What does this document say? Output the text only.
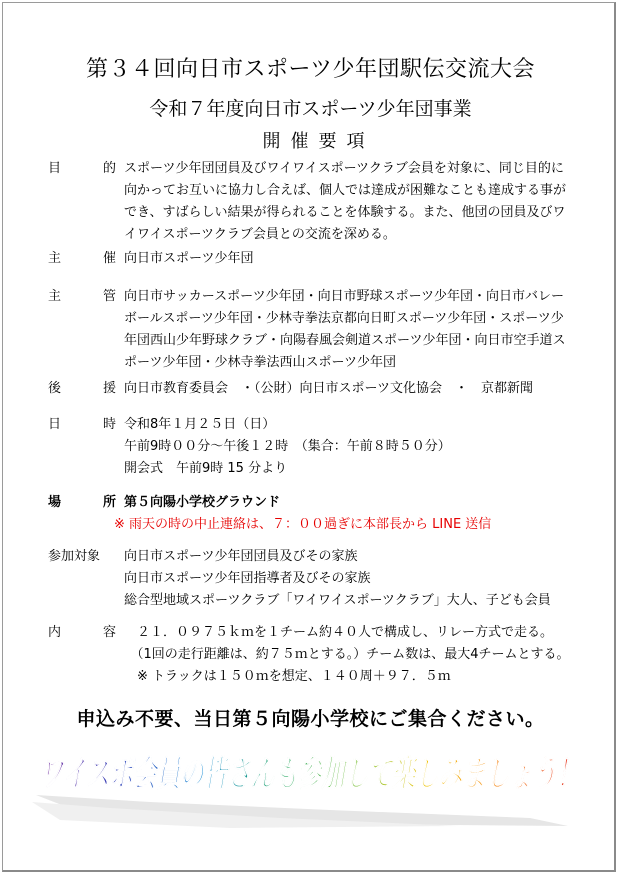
第３４回向日市スポーツ少年団駅伝交流大会
令和７年度向日市スポーツ少年団事業
開催要項
目	的 スポーツ少年団団員及びワイワイスポーツクラブ会員を対象に、同じ目的に
向かってお互いに協力し合えば、個人では達成が困難なことも達成する事が
でき、すばらしい結果が得られることを体験する。また、他団の団員及びワ
イワイスポーツクラブ会員との交流を深める。
主	催 向日市スポーツ少年団
主	管 向日市サッカースポーツ少年団・向日市野球スポーツ少年団・向日市バレー
ボールスポーツ少年団・少林寺拳法京都向日町スポーツ少年団・スポーツ少
年団西山少年野球クラブ・向陽春風会剣道スポーツ少年団・向日市空手道ス
ポーツ少年団・少林寺拳法西山スポーツ少年団
後	援 向日市教育委員会　・（公財）向日市スポーツ文化協会　・　京都新聞
日	時 令和8年１月２５日（日）
午前9時００分～午後１２時　（集合：午前８時５０分）
開会式　午前9時 15 分より
場	所 第５向陽小学校グラウンド
※ 雨天の時の中止連絡は、７：００過ぎに本部長から LINE 送信
参加対象	向日市スポーツ少年団団員及びその家族
向日市スポーツ少年団指導者及びその家族
総合型地域スポーツクラブ「ワイワイスポーツクラブ」大人、子ども会員
内	容 　２１．０９７５ｋｍを１チーム約４０人で構成し、リレー方式で走る。
　（1回の走行距離は、約７５ｍとする。）チーム数は、最大4チームとする。
　※ トラックは１５０ｍを想定、１４０周＋９７．５ｍ
申込み不要、当日第５向陽小学校にご集合ください。
ワイスポ会員の皆さんも参加して楽しみましょう！
